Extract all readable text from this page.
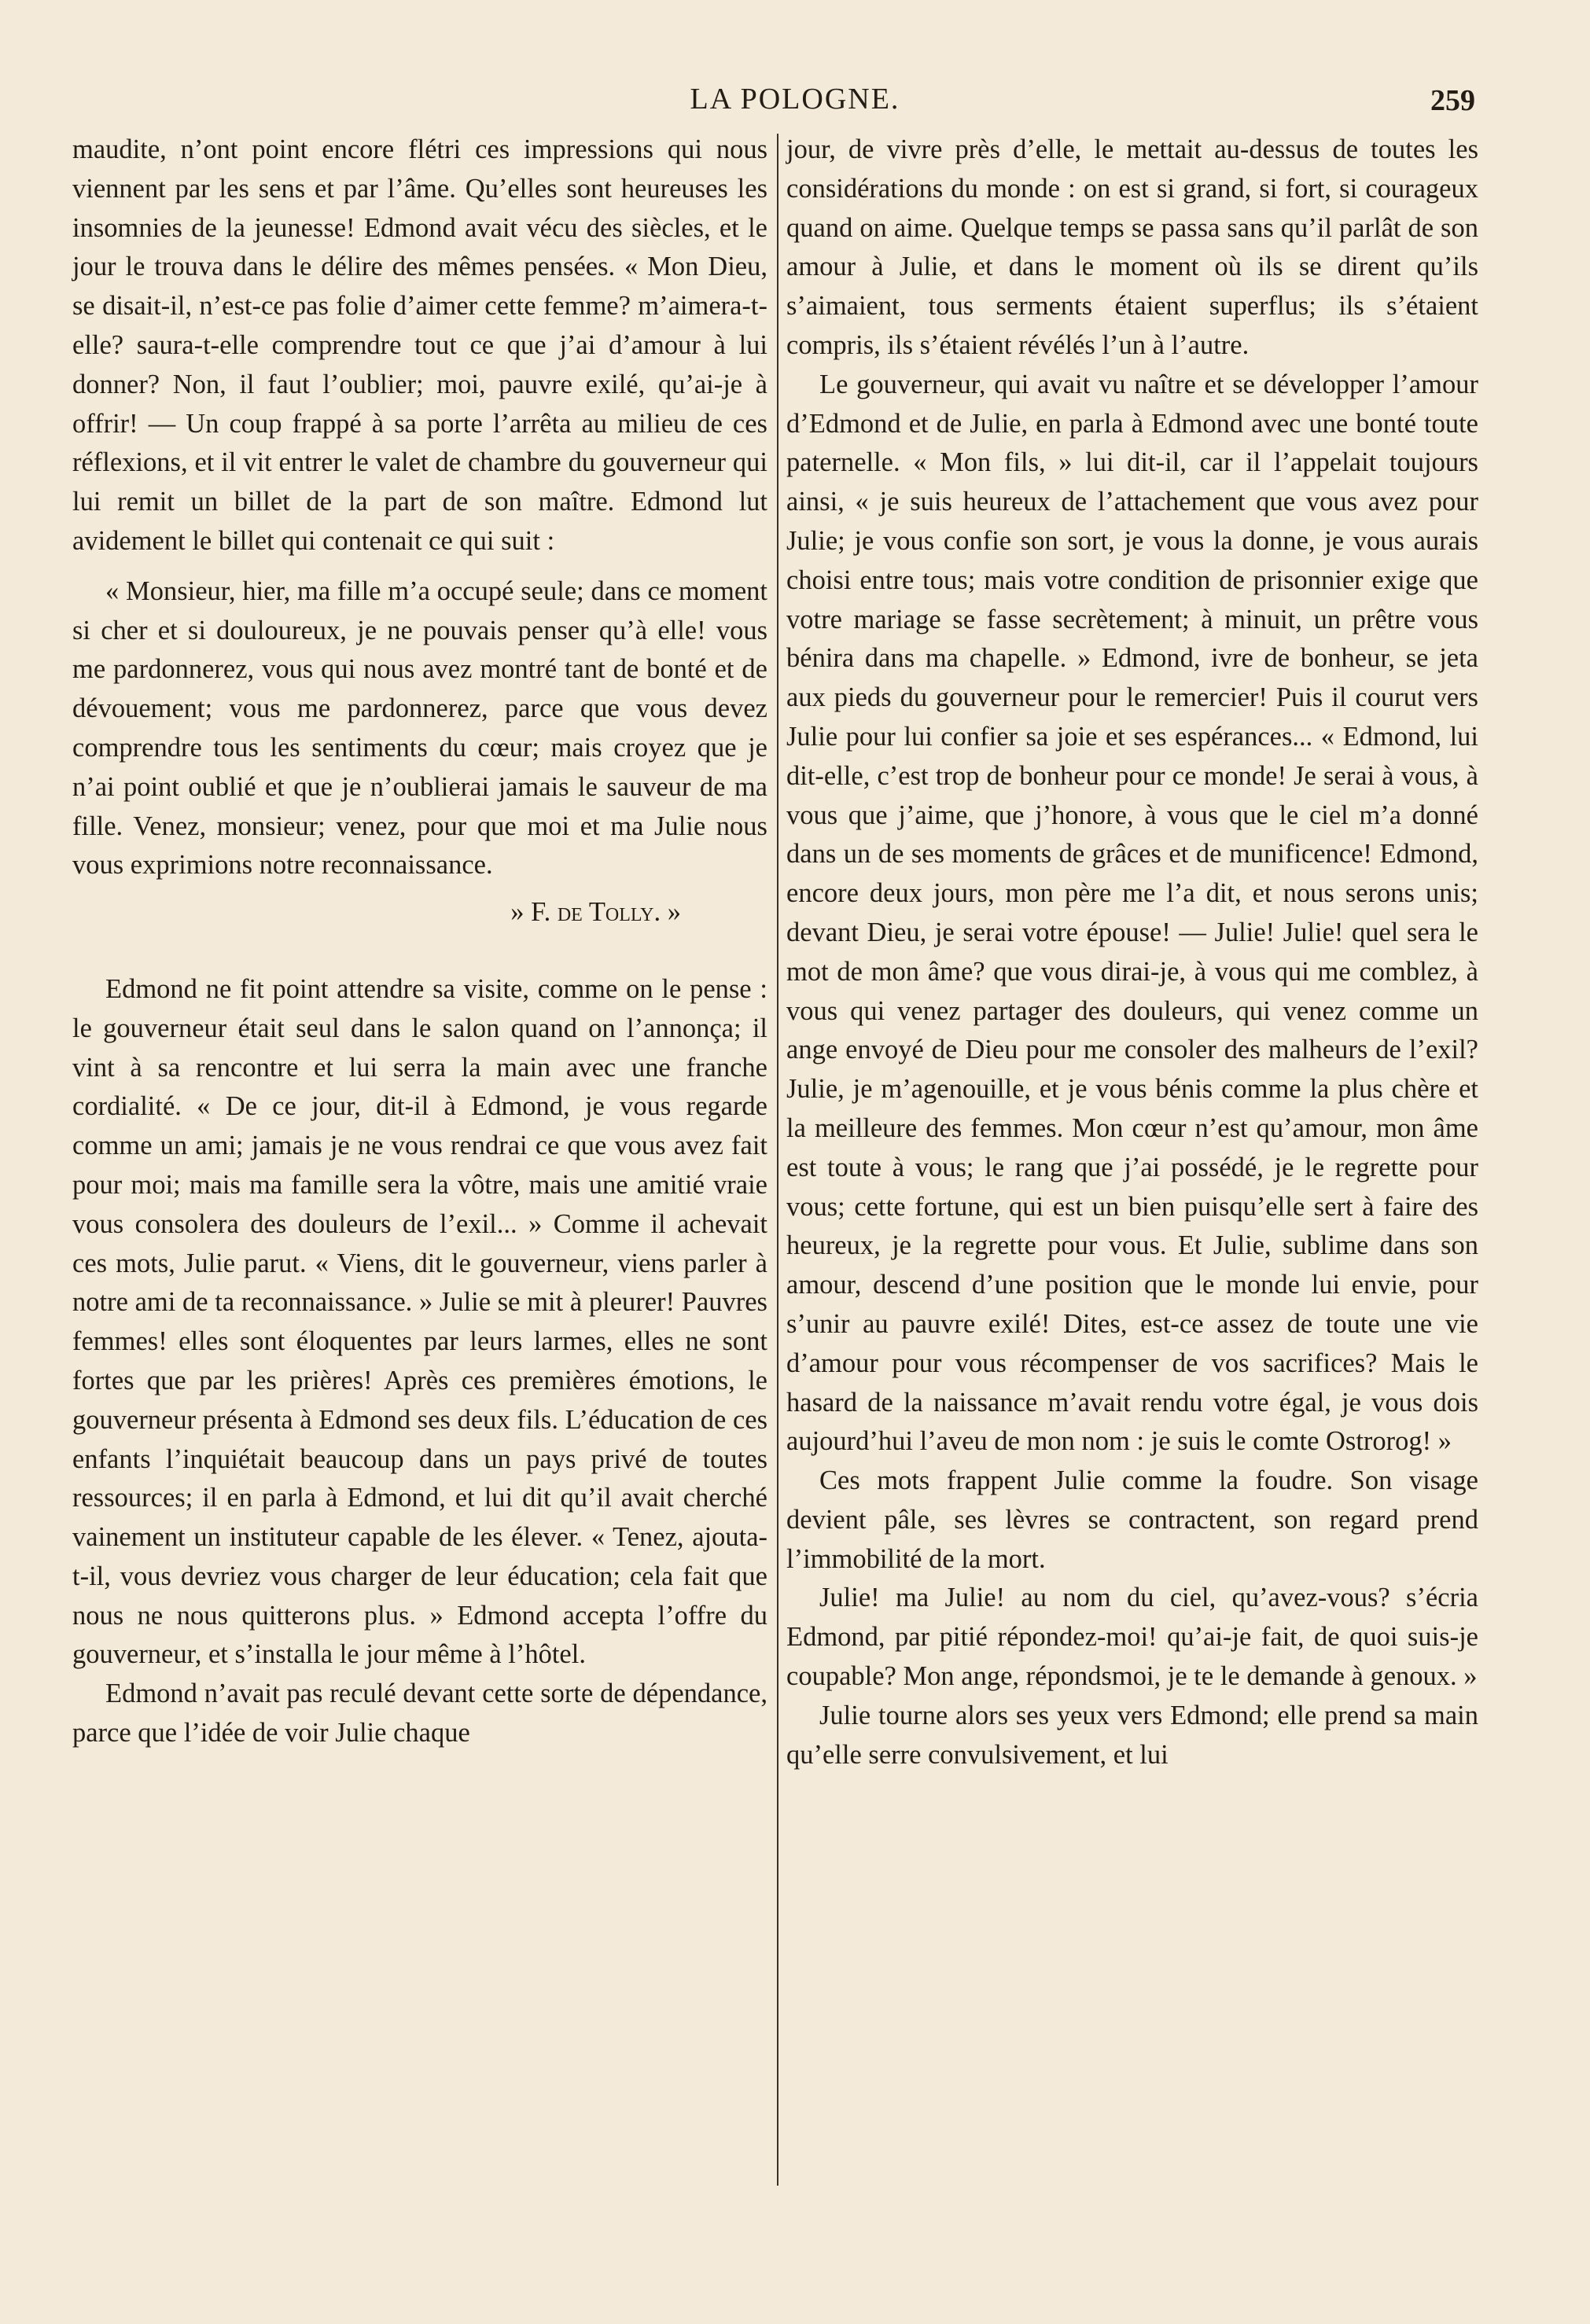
LA POLOGNE.	259

maudite, n’ont point encore flétri ces impressions qui nous viennent par les sens et par l’âme. Qu’elles sont heureuses les insomnies de la jeunesse! Edmond avait vécu des siècles, et le jour le trouva dans le délire des mêmes pensées. « Mon Dieu, se disait-il, n’est-ce pas folie d’aimer cette femme? m’aimera-t-elle? saura-t-elle comprendre tout ce que j’ai d’amour à lui donner? Non, il faut l’oublier; moi, pauvre exilé, qu’ai-je à offrir! — Un coup frappé à sa porte l’arrêta au milieu de ces réflexions, et il vit entrer le valet de chambre du gouverneur qui lui remit un billet de la part de son maître. Edmond lut avidement le billet qui contenait ce qui suit :

« Monsieur, hier, ma fille m’a occupé seule; dans ce moment si cher et si douloureux, je ne pouvais penser qu’à elle! vous me pardonnerez, vous qui nous avez montré tant de bonté et de dévouement; vous me pardonnerez, parce que vous devez comprendre tous les sentiments du cœur; mais croyez que je n’ai point oublié et que je n’oublierai jamais le sauveur de ma fille. Venez, monsieur; venez, pour que moi et ma Julie nous vous exprimions notre reconnaissance.

» F. de Tolly. »

Edmond ne fit point attendre sa visite, comme on le pense : le gouverneur était seul dans le salon quand on l’annonça; il vint à sa rencontre et lui serra la main avec une franche cordialité. « De ce jour, dit-il à Edmond, je vous regarde comme un ami; jamais je ne vous rendrai ce que vous avez fait pour moi; mais ma famille sera la vôtre, mais une amitié vraie vous consolera des douleurs de l’exil... » Comme il achevait ces mots, Julie parut. « Viens, dit le gouverneur, viens parler à notre ami de ta reconnaissance. » Julie se mit à pleurer! Pauvres femmes! elles sont éloquentes par leurs larmes, elles ne sont fortes que par les prières! Après ces premières émotions, le gouverneur présenta à Edmond ses deux fils. L’éducation de ces enfants l’inquiétait beaucoup dans un pays privé de toutes ressources; il en parla à Edmond, et lui dit qu’il avait cherché vainement un instituteur capable de les élever. « Tenez, ajouta-t-il, vous devriez vous charger de leur éducation; cela fait que nous ne nous quitterons plus. » Edmond accepta l’offre du gouverneur, et s’installa le jour même à l’hôtel.

Edmond n’avait pas reculé devant cette sorte de dépendance, parce que l’idée de voir Julie chaque

jour, de vivre près d’elle, le mettait au-dessus de toutes les considérations du monde : on est si grand, si fort, si courageux quand on aime. Quelque temps se passa sans qu’il parlât de son amour à Julie, et dans le moment où ils se dirent qu’ils s’aimaient, tous serments étaient superflus; ils s’étaient compris, ils s’étaient révélés l’un à l’autre.

Le gouverneur, qui avait vu naître et se développer l’amour d’Edmond et de Julie, en parla à Edmond avec une bonté toute paternelle. « Mon fils, » lui dit-il, car il l’appelait toujours ainsi, « je suis heureux de l’attachement que vous avez pour Julie; je vous confie son sort, je vous la donne, je vous aurais choisi entre tous; mais votre condition de prisonnier exige que votre mariage se fasse secrètement; à minuit, un prêtre vous bénira dans ma chapelle. » Edmond, ivre de bonheur, se jeta aux pieds du gouverneur pour le remercier! Puis il courut vers Julie pour lui confier sa joie et ses espérances... « Edmond, lui dit-elle, c’est trop de bonheur pour ce monde! Je serai à vous, à vous que j’aime, que j’honore, à vous que le ciel m’a donné dans un de ses moments de grâces et de munificence! Edmond, encore deux jours, mon père me l’a dit, et nous serons unis; devant Dieu, je serai votre épouse! — Julie! Julie! quel sera le mot de mon âme? que vous dirai-je, à vous qui me comblez, à vous qui venez partager des douleurs, qui venez comme un ange envoyé de Dieu pour me consoler des malheurs de l’exil? Julie, je m’agenouille, et je vous bénis comme la plus chère et la meilleure des femmes. Mon cœur n’est qu’amour, mon âme est toute à vous; le rang que j’ai possédé, je le regrette pour vous; cette fortune, qui est un bien puisqu’elle sert à faire des heureux, je la regrette pour vous. Et Julie, sublime dans son amour, descend d’une position que le monde lui envie, pour s’unir au pauvre exilé! Dites, est-ce assez de toute une vie d’amour pour vous récompenser de vos sacrifices? Mais le hasard de la naissance m’avait rendu votre égal, je vous dois aujourd’hui l’aveu de mon nom : je suis le comte Ostrorog! »

Ces mots frappent Julie comme la foudre. Son visage devient pâle, ses lèvres se contractent, son regard prend l’immobilité de la mort.

Julie! ma Julie! au nom du ciel, qu’avez-vous? s’écria Edmond, par pitié répondez-moi! qu’ai-je fait, de quoi suis-je coupable? Mon ange, répondsmoi, je te le demande à genoux. »

Julie tourne alors ses yeux vers Edmond; elle prend sa main qu’elle serre convulsivement, et lui
